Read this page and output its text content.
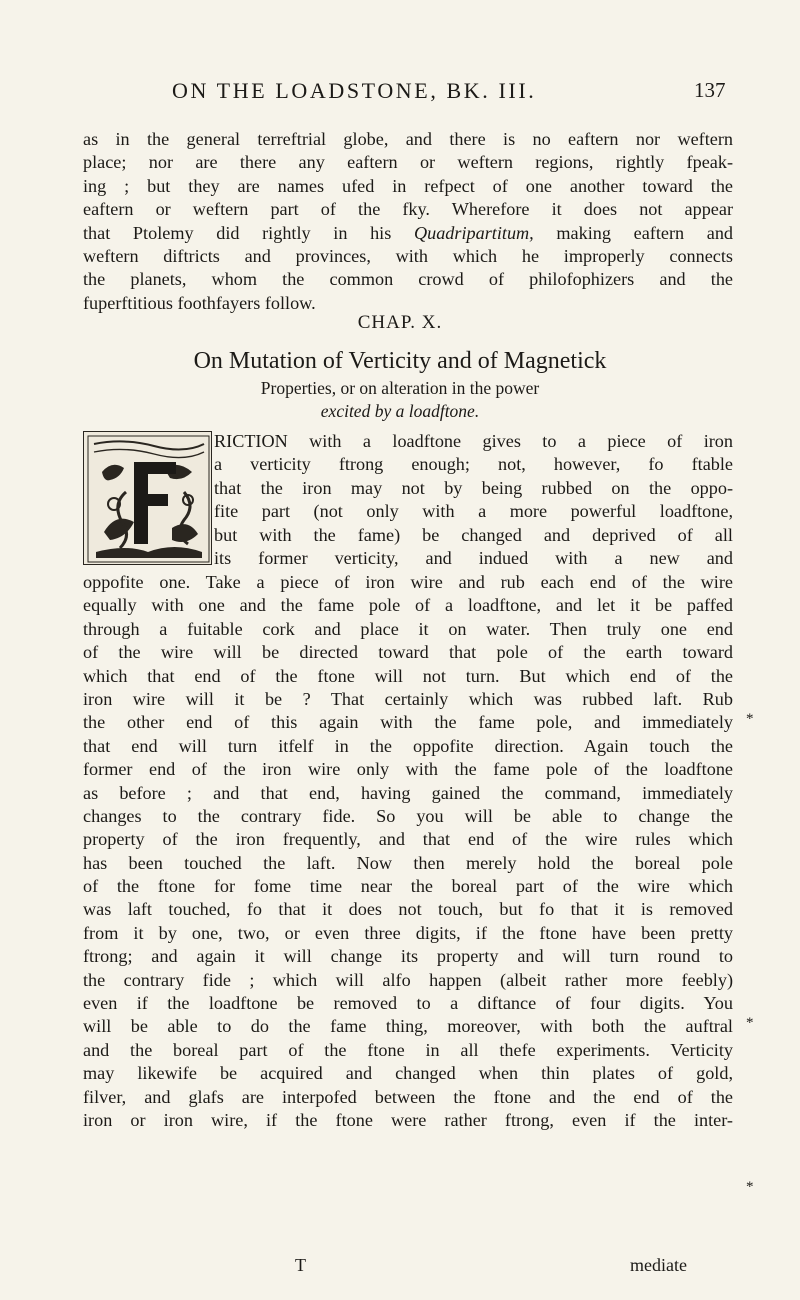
ON THE LOADSTONE, BK. III.	137
as in the general terreftrial globe, and there is no eaftern nor weftern
place; nor are there any eaftern or weftern regions, rightly fpeak-
ing ; but they are names ufed in refpect of one another toward the
eaftern or weftern part of the fky. Wherefore it does not appear
that Ptolemy did rightly in his Quadripartitum, making eaftern and
weftern diftricts and provinces, with which he improperly connects
the planets, whom the common crowd of philofophizers and the
fuperftitious foothfayers follow.
CHAP. X.
On Mutation of Verticity and of Magnetick
Properties, or on alteration in the power
excited by a loadftone.
RICTION with a loadftone gives to a piece of iron
a verticity ftrong enough; not, however, fo ftable
that the iron may not by being rubbed on the oppo-
fite part (not only with a more powerful loadftone,
but with the fame) be changed and deprived of all
its former verticity, and indued with a new and
oppofite one. Take a piece of iron wire and rub each end of the wire
equally with one and the fame pole of a loadftone, and let it be paffed
through a fuitable cork and place it on water. Then truly one end
of the wire will be directed toward that pole of the earth toward
which that end of the ftone will not turn. But which end of the
iron wire will it be ? That certainly which was rubbed laft. Rub
the other end of this again with the fame pole, and immediately
that end will turn itfelf in the oppofite direction. Again touch the
former end of the iron wire only with the fame pole of the loadftone
as before ; and that end, having gained the command, immediately
changes to the contrary fide. So you will be able to change the
property of the iron frequently, and that end of the wire rules which
has been touched the laft. Now then merely hold the boreal pole
of the ftone for fome time near the boreal part of the wire which
was laft touched, fo that it does not touch, but fo that it is removed
from it by one, two, or even three digits, if the ftone have been pretty
ftrong; and again it will change its property and will turn round to
the contrary fide ; which will alfo happen (albeit rather more feebly)
even if the loadftone be removed to a diftance of four digits. You
will be able to do the fame thing, moreover, with both the auftral
and the boreal part of the ftone in all thefe experiments. Verticity
may likewife be acquired and changed when thin plates of gold,
filver, and glafs are interpofed between the ftone and the end of the
iron or iron wire, if the ftone were rather ftrong, even if the inter-
*
*
*
T	mediate
